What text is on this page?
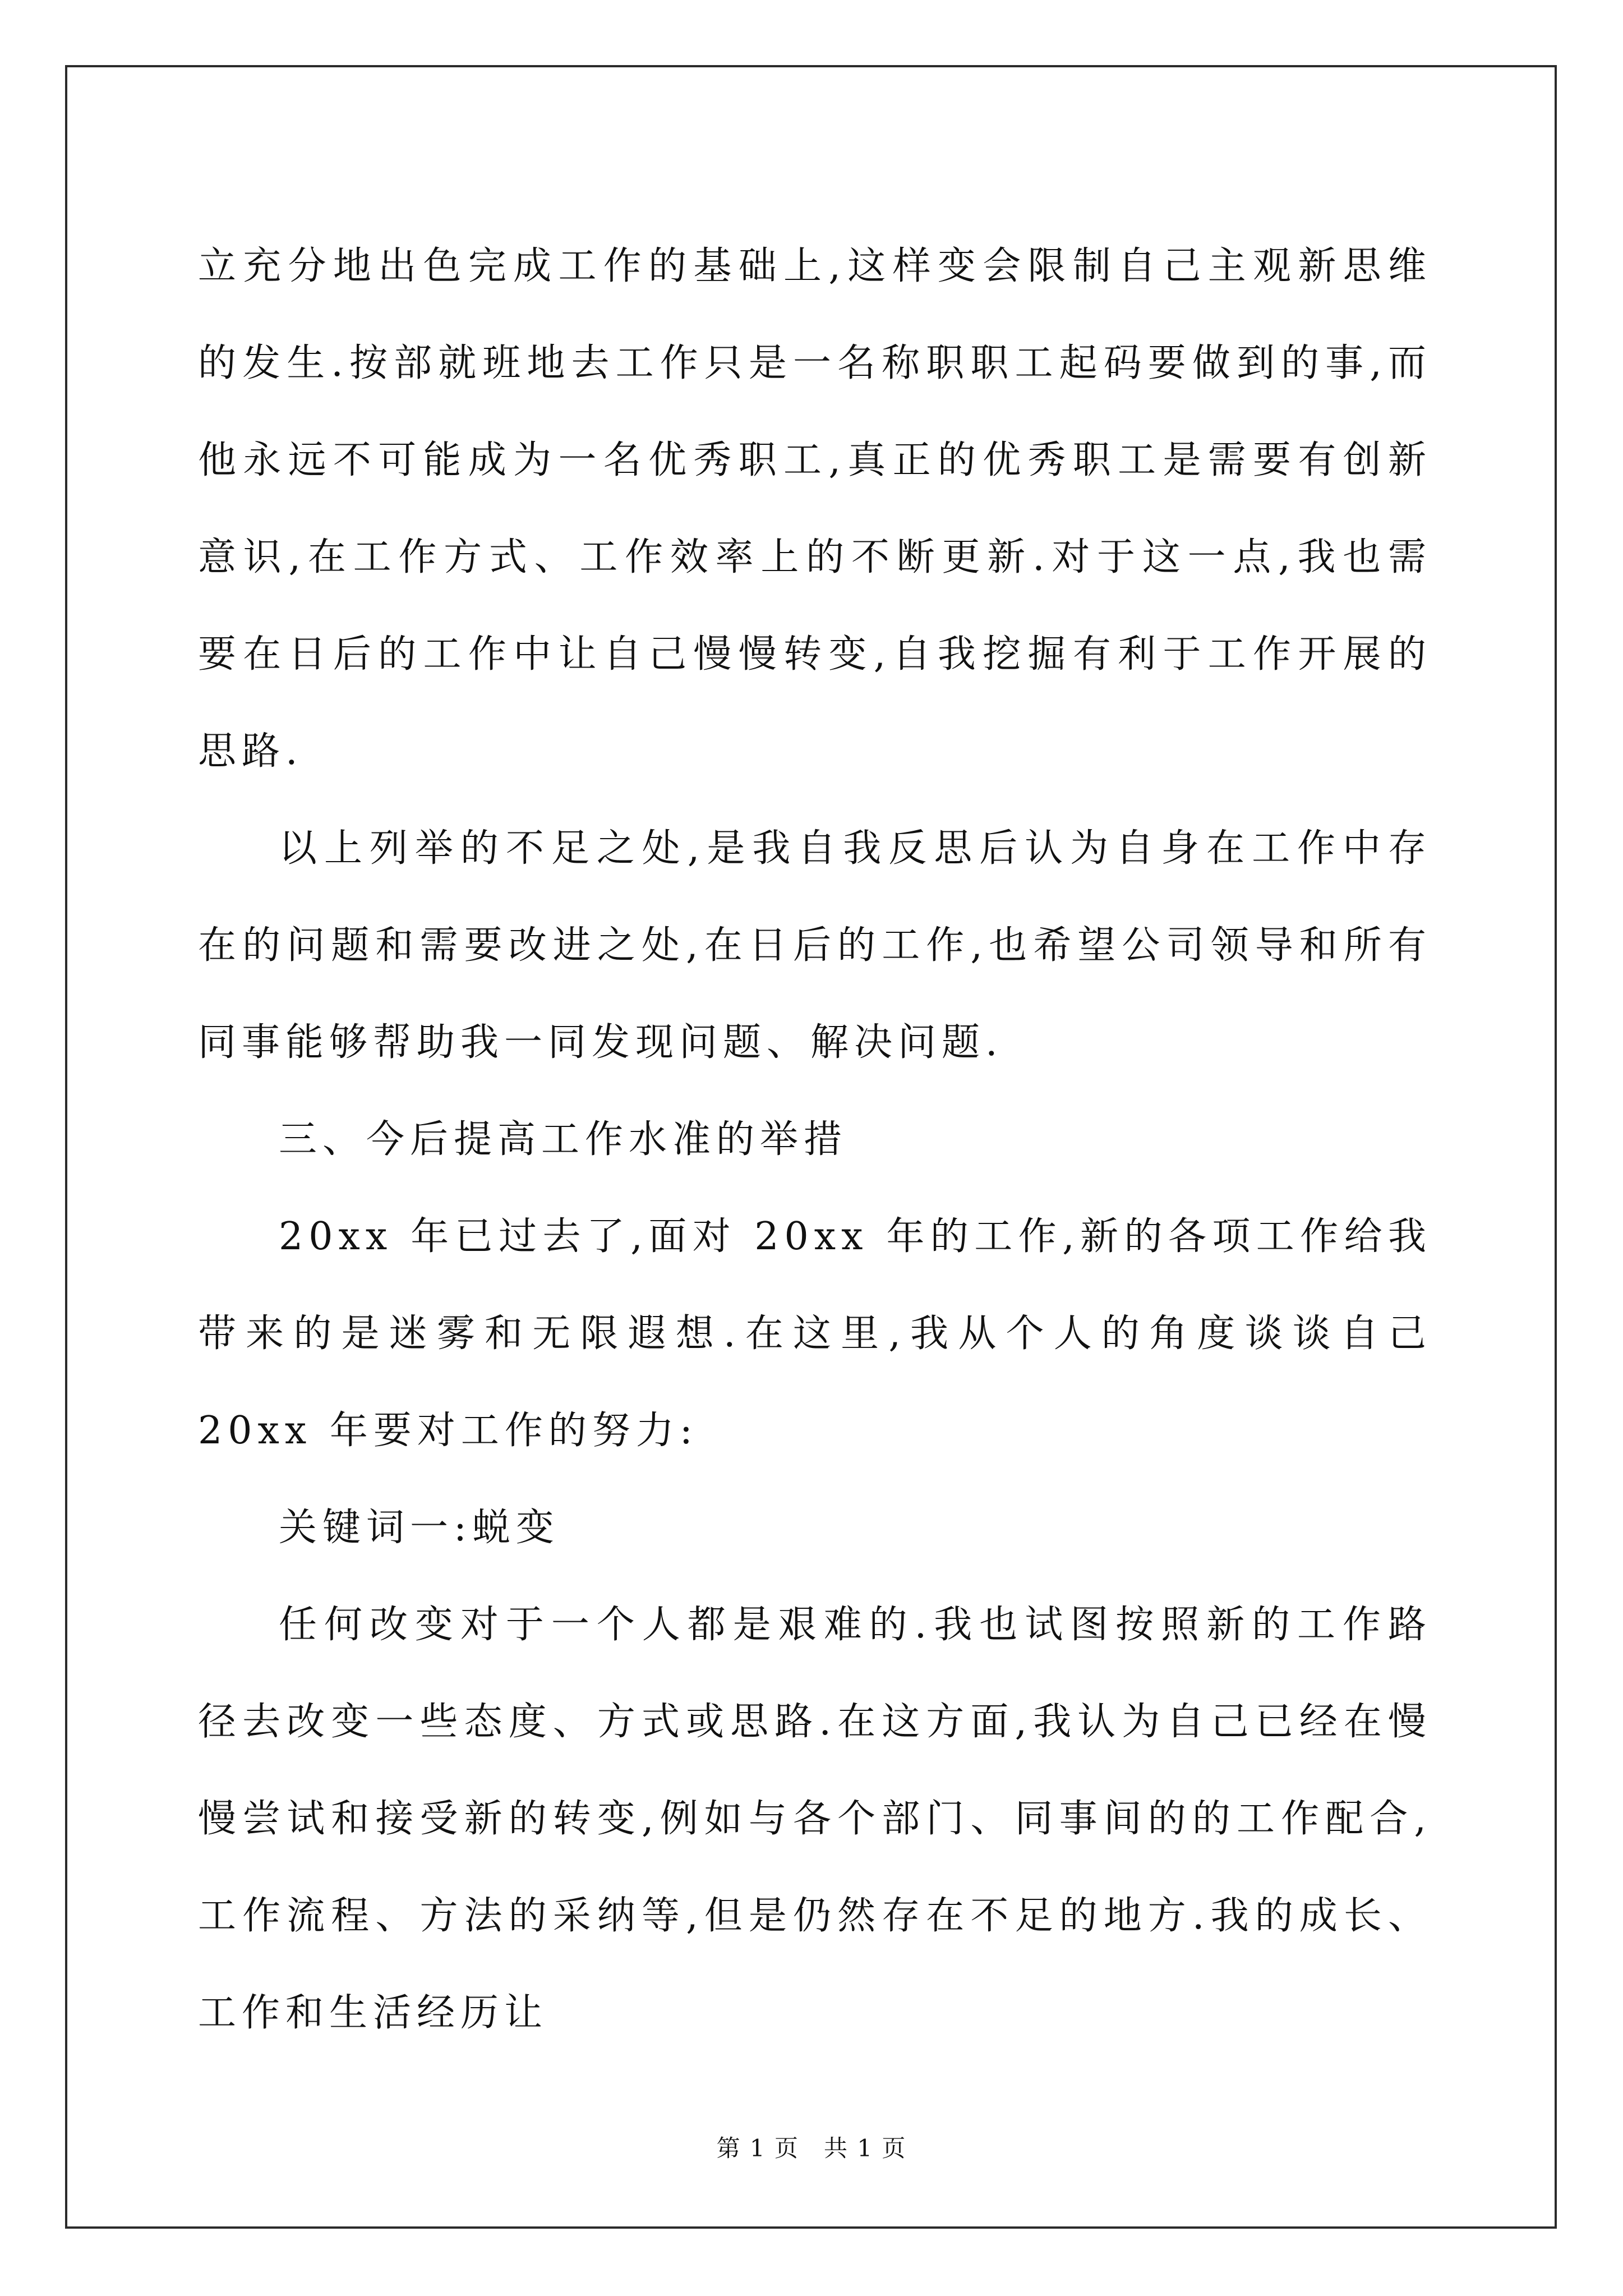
立充分地出色完成工作的基础上,这样变会限制自己主观新思维的发生.按部就班地去工作只是一名称职职工起码要做到的事,而他永远不可能成为一名优秀职工,真正的优秀职工是需要有创新意识,在工作方式、工作效率上的不断更新.对于这一点,我也需要在日后的工作中让自己慢慢转变,自我挖掘有利于工作开展的思路.

以上列举的不足之处,是我自我反思后认为自身在工作中存在的问题和需要改进之处,在日后的工作,也希望公司领导和所有同事能够帮助我一同发现问题、解决问题.

三、今后提高工作水准的举措

20xx 年已过去了,面对 20xx 年的工作,新的各项工作给我带来的是迷雾和无限遐想.在这里,我从个人的角度谈谈自己 20xx 年要对工作的努力:

关键词一:蜕变

任何改变对于一个人都是艰难的.我也试图按照新的工作路径去改变一些态度、方式或思路.在这方面,我认为自己已经在慢慢尝试和接受新的转变,例如与各个部门、同事间的的工作配合,工作流程、方法的采纳等,但是仍然存在不足的地方.我的成长、工作和生活经历让

第 1 页　共 1 页
